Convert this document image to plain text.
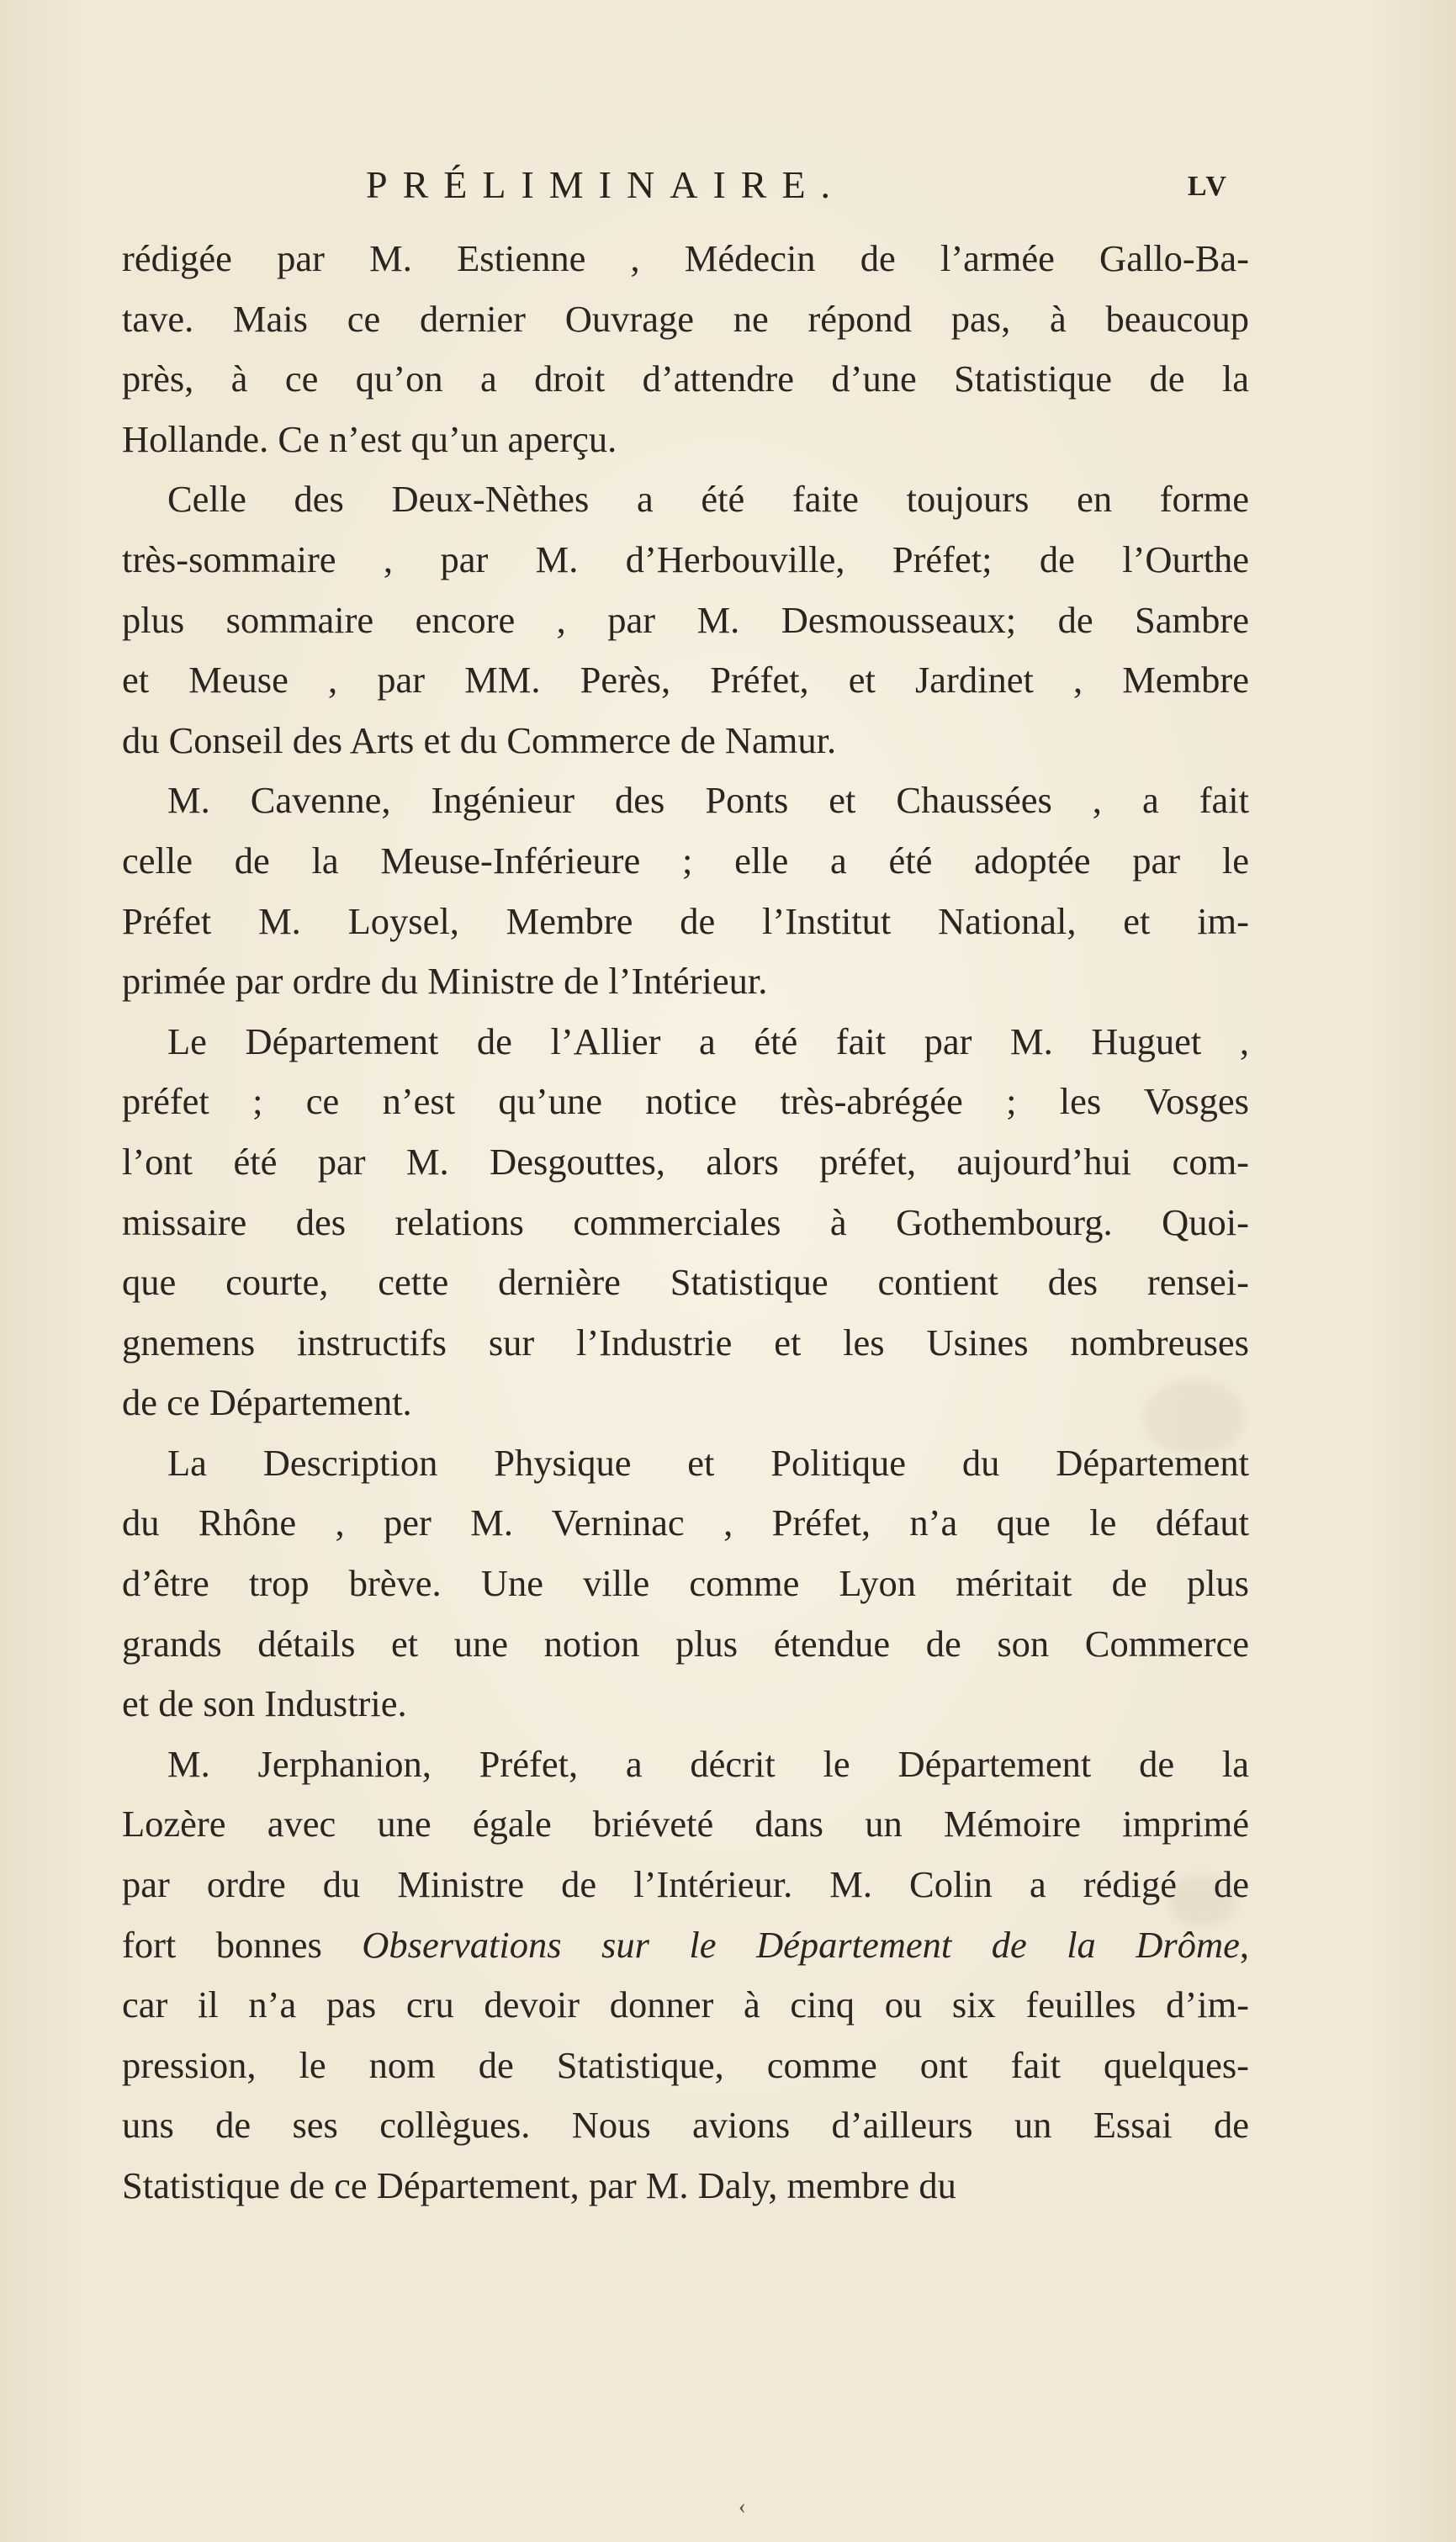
PRÉLIMINAIRE.	LV
rédigée par M. Estienne , Médecin de l’armée Gallo-Ba-
tave. Mais ce dernier Ouvrage ne répond pas, à beaucoup
près, à ce qu’on a droit d’attendre d’une Statistique de la
Hollande. Ce n’est qu’un aperçu.
Celle des Deux-Nèthes a été faite toujours en forme
très-sommaire , par M. d’Herbouville, Préfet; de l’Ourthe
plus sommaire encore , par M. Desmousseaux; de Sambre
et Meuse , par MM. Perès, Préfet, et Jardinet , Membre
du Conseil des Arts et du Commerce de Namur.
M. Cavenne, Ingénieur des Ponts et Chaussées , a fait
celle de la Meuse-Inférieure ; elle a été adoptée par le
Préfet M. Loysel, Membre de l’Institut National, et im-
primée par ordre du Ministre de l’Intérieur.
Le Département de l’Allier a été fait par M. Huguet ,
préfet ; ce n’est qu’une notice très-abrégée ; les Vosges
l’ont été par M. Desgouttes, alors préfet, aujourd’hui com-
missaire des relations commerciales à Gothembourg. Quoi-
que courte, cette dernière Statistique contient des rensei-
gnemens instructifs sur l’Industrie et les Usines nombreuses
de ce Département.
La Description Physique et Politique du Département
du Rhône , per M. Verninac , Préfet, n’a que le défaut
d’être trop brève. Une ville comme Lyon méritait de plus
grands détails et une notion plus étendue de son Commerce
et de son Industrie.
M. Jerphanion, Préfet, a décrit le Département de la
Lozère avec une égale briéveté dans un Mémoire imprimé
par ordre du Ministre de l’Intérieur. M. Colin a rédigé de
fort bonnes Observations sur le Département de la Drôme,
car il n’a pas cru devoir donner à cinq ou six feuilles d’im-
pression, le nom de Statistique, comme ont fait quelques-
uns de ses collègues. Nous avions d’ailleurs un Essai de
Statistique de ce Département, par M. Daly, membre du
‹
